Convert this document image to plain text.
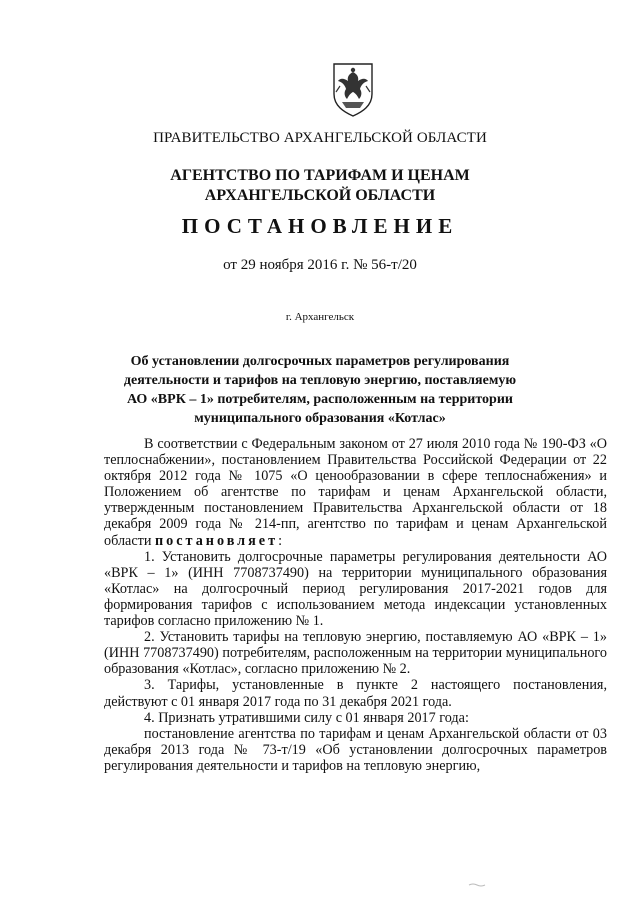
ПРАВИТЕЛЬСТВО АРХАНГЕЛЬСКОЙ ОБЛАСТИ
АГЕНТСТВО ПО ТАРИФАМ И ЦЕНАМ
АРХАНГЕЛЬСКОЙ ОБЛАСТИ
ПОСТАНОВЛЕНИЕ
от 29 ноября 2016 г. № 56-т/20
г. Архангельск
Об установлении долгосрочных параметров регулирования
деятельности и тарифов на тепловую энергию, поставляемую
АО «ВРК – 1» потребителям, расположенным на территории
муниципального образования «Котлас»

В соответствии с Федеральным законом от 27 июля 2010 года № 190-ФЗ «О теплоснабжении», постановлением Правительства Российской Федерации от 22 октября 2012 года № 1075 «О ценообразовании в сфере теплоснабжения» и Положением об агентстве по тарифам и ценам Архангельской области, утвержденным постановлением Правительства Архангельской области от 18 декабря 2009 года № 214-пп, агентство по тарифам и ценам Архангельской области постановляет:

1. Установить долгосрочные параметры регулирования деятельности АО «ВРК – 1» (ИНН 7708737490) на территории муниципального образования «Котлас» на долгосрочный период регулирования 2017-2021 годов для формирования тарифов с использованием метода индексации установленных тарифов согласно приложению № 1.

2. Установить тарифы на тепловую энергию, поставляемую АО «ВРК – 1» (ИНН 7708737490) потребителям, расположенным на территории муниципального образования «Котлас», согласно приложению № 2.

3. Тарифы, установленные в пункте 2 настоящего постановления, действуют с 01 января 2017 года по 31 декабря 2021 года.

4. Признать утратившими силу с 01 января 2017 года:

постановление агентства по тарифам и ценам Архангельской области от 03 декабря 2013 года № 73-т/19 «Об установлении долгосрочных параметров регулирования деятельности и тарифов на тепловую энергию,
